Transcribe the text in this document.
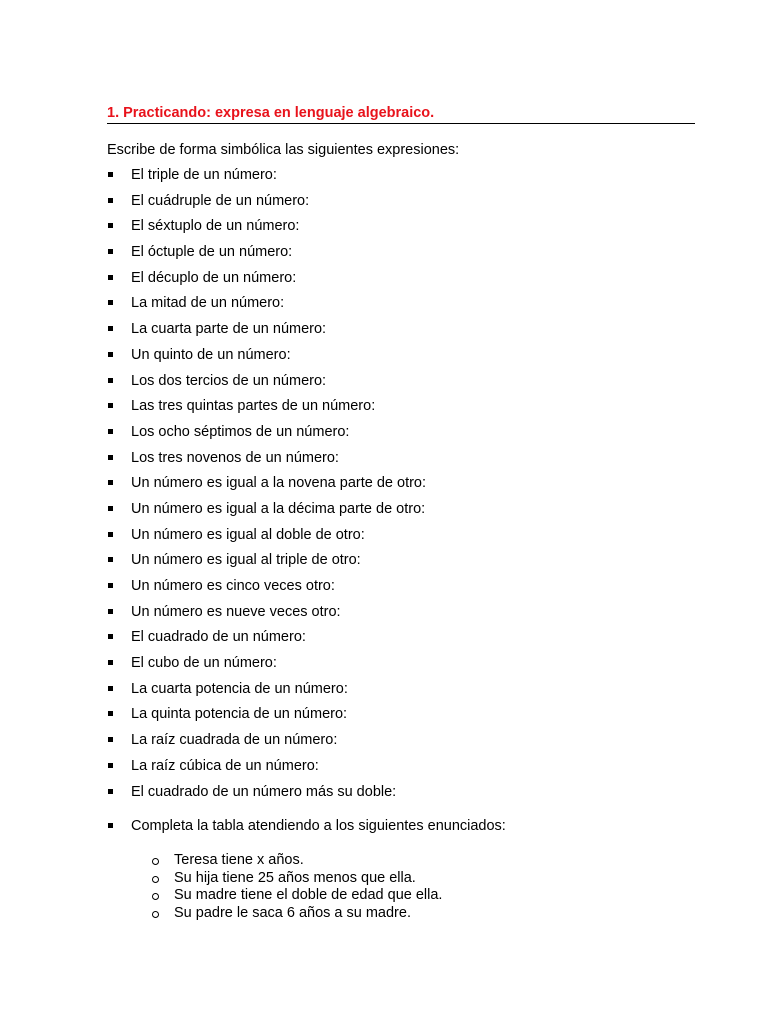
1. Practicando: expresa en lenguaje algebraico.
Escribe de forma simbólica las siguientes expresiones:
El triple de un número:
El cuádruple de un número:
El séxtuplo de un número:
El óctuple de un número:
El décuplo de un número:
La mitad de un número:
La cuarta parte de un número:
Un quinto de un número:
Los dos tercios de un número:
Las tres quintas partes de un número:
Los ocho séptimos de un número:
Los tres novenos de un número:
Un número es igual a la novena parte de otro:
Un número es igual a la décima parte de otro:
Un número es igual al doble de otro:
Un número es igual al triple de otro:
Un número es cinco veces otro:
Un número es nueve veces otro:
El cuadrado de un número:
El cubo de un número:
La cuarta potencia de un número:
La quinta potencia de un número:
La raíz cuadrada de un número:
La raíz cúbica de un número:
El cuadrado de un número más su doble:
Completa la tabla atendiendo a los siguientes enunciados:
Teresa tiene x años.
Su hija tiene 25 años menos que ella.
Su madre tiene el doble de edad que ella.
Su padre le saca 6 años a su madre.
